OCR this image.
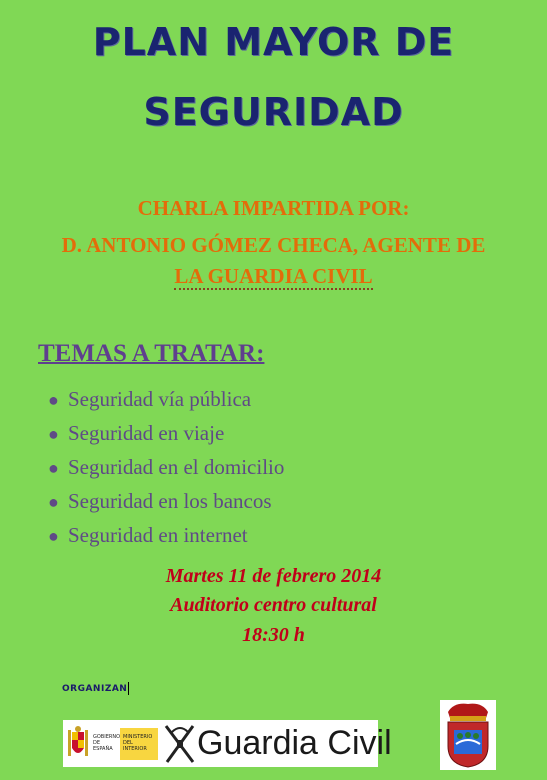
PLAN MAYOR DE
SEGURIDAD
CHARLA IMPARTIDA POR:
D. ANTONIO GÓMEZ CHECA, AGENTE DE
LA GUARDIA CIVIL
TEMAS A TRATAR:
● Seguridad vía pública
● Seguridad en viaje
● Seguridad en el domicilio
● Seguridad en los bancos
● Seguridad en internet
Martes 11 de febrero 2014
Auditorio centro cultural
18:30 h
ORGANIZAN
GOBIERNO DE ESPAÑA
MINISTERIO DEL INTERIOR	Guardia Civil
